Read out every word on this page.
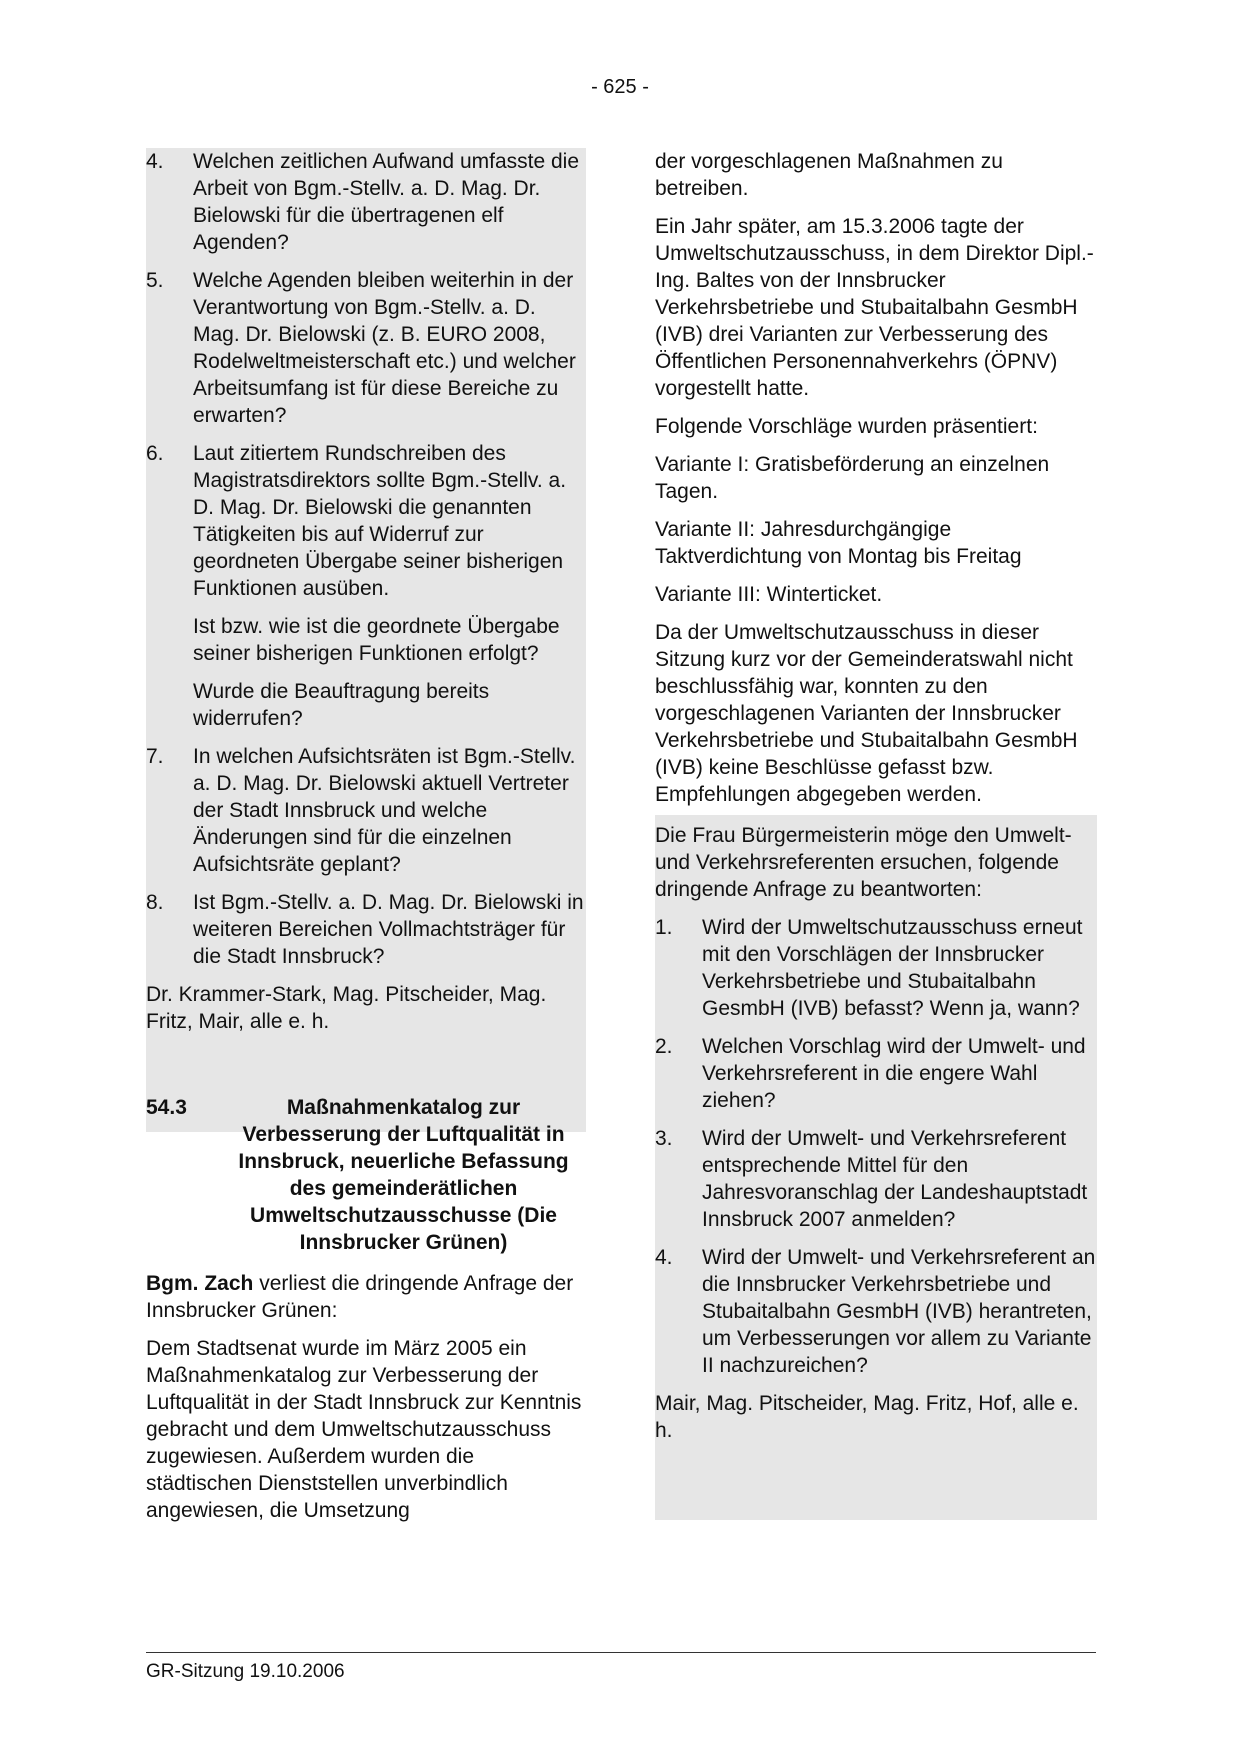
- 625 -
4.	Welchen zeitlichen Aufwand umfasste die Arbeit von Bgm.-Stellv. a. D. Mag. Dr. Bielowski für die übertragenen elf Agenden?

5.	Welche Agenden bleiben weiterhin in der Verantwortung von Bgm.-Stellv. a. D. Mag. Dr. Bielowski (z. B. EURO 2008, Rodelweltmeisterschaft etc.) und welcher Arbeitsumfang ist für diese Bereiche zu erwarten?

6.	Laut zitiertem Rundschreiben des Magistratsdirektors sollte Bgm.-Stellv. a. D. Mag. Dr. Bielowski die genannten Tätigkeiten bis auf Widerruf zur geordneten Übergabe seiner bisherigen Funktionen ausüben.

Ist bzw. wie ist die geordnete Übergabe seiner bisherigen Funktionen erfolgt?

Wurde die Beauftragung bereits widerrufen?

7.	In welchen Aufsichtsräten ist Bgm.-Stellv. a. D. Mag. Dr. Bielowski aktuell Vertreter der Stadt Innsbruck und welche Änderungen sind für die einzelnen Aufsichtsräte geplant?

8.	Ist Bgm.-Stellv. a. D. Mag. Dr. Bielowski in weiteren Bereichen Vollmachtsträger für die Stadt Innsbruck?

Dr. Krammer-Stark, Mag. Pitscheider, Mag. Fritz, Mair, alle e. h.

54.3	Maßnahmenkatalog zur Verbesserung der Luftqualität in Innsbruck, neuerliche Befassung des gemeinderätlichen Umweltschutzausschusse (Die Innsbrucker Grünen)

Bgm. Zach verliest die dringende Anfrage der Innsbrucker Grünen:

Dem Stadtsenat wurde im März 2005 ein Maßnahmenkatalog zur Verbesserung der Luftqualität in der Stadt Innsbruck zur Kenntnis gebracht und dem Umweltschutzausschuss zugewiesen. Außerdem wurden die städtischen Dienststellen unverbindlich angewiesen, die Umsetzung

der vorgeschlagenen Maßnahmen zu betreiben.

Ein Jahr später, am 15.3.2006 tagte der Umweltschutzausschuss, in dem Direktor Dipl.-Ing. Baltes von der Innsbrucker Verkehrsbetriebe und Stubaitalbahn GesmbH (IVB) drei Varianten zur Verbesserung des Öffentlichen Personennahverkehrs (ÖPNV) vorgestellt hatte.

Folgende Vorschläge wurden präsentiert:

Variante I: Gratisbeförderung an einzelnen Tagen.

Variante II: Jahresdurchgängige Taktverdichtung von Montag bis Freitag

Variante III: Winterticket.

Da der Umweltschutzausschuss in dieser Sitzung kurz vor der Gemeinderatswahl nicht beschlussfähig war, konnten zu den vorgeschlagenen Varianten der Innsbrucker Verkehrsbetriebe und Stubaitalbahn GesmbH (IVB) keine Beschlüsse gefasst bzw. Empfehlungen abgegeben werden.

Die Frau Bürgermeisterin möge den Umwelt- und Verkehrsreferenten ersuchen, folgende dringende Anfrage zu beantworten:

1.	Wird der Umweltschutzausschuss erneut mit den Vorschlägen der Innsbrucker Verkehrsbetriebe und Stubaitalbahn GesmbH (IVB) befasst? Wenn ja, wann?

2.	Welchen Vorschlag wird der Umwelt- und Verkehrsreferent in die engere Wahl ziehen?

3.	Wird der Umwelt- und Verkehrsreferent entsprechende Mittel für den Jahresvoranschlag der Landeshauptstadt Innsbruck 2007 anmelden?

4.	Wird der Umwelt- und Verkehrsreferent an die Innsbrucker Verkehrsbetriebe und Stubaitalbahn GesmbH (IVB) herantreten, um Verbesserungen vor allem zu Variante II nachzureichen?

Mair, Mag. Pitscheider, Mag. Fritz, Hof, alle e. h.

GR-Sitzung 19.10.2006
